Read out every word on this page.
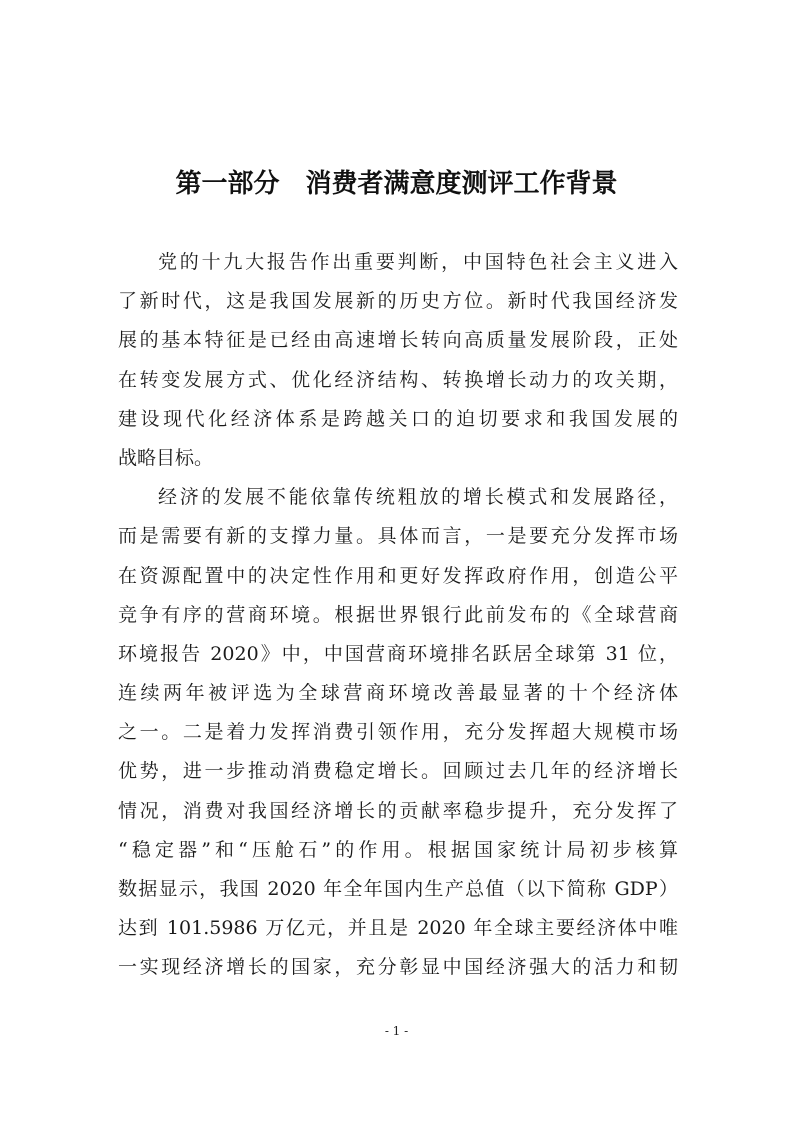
第一部分　消费者满意度测评工作背景
党的十九大报告作出重要判断，中国特色社会主义进入
了新时代，这是我国发展新的历史方位。新时代我国经济发
展的基本特征是已经由高速增长转向高质量发展阶段，正处
在转变发展方式、优化经济结构、转换增长动力的攻关期，
建设现代化经济体系是跨越关口的迫切要求和我国发展的
战略目标。
经济的发展不能依靠传统粗放的增长模式和发展路径，
而是需要有新的支撑力量。具体而言，一是要充分发挥市场
在资源配置中的决定性作用和更好发挥政府作用，创造公平
竞争有序的营商环境。根据世界银行此前发布的《全球营商
环境报告 2020》中，中国营商环境排名跃居全球第 31 位，
连续两年被评选为全球营商环境改善最显著的十个经济体
之一。二是着力发挥消费引领作用，充分发挥超大规模市场
优势，进一步推动消费稳定增长。回顾过去几年的经济增长
情况，消费对我国经济增长的贡献率稳步提升，充分发挥了
“稳定器”和“压舱石”的作用。根据国家统计局初步核算
数据显示，我国 2020 年全年国内生产总值（以下简称 GDP）
达到 101.5986 万亿元，并且是 2020 年全球主要经济体中唯
一实现经济增长的国家，充分彰显中国经济强大的活力和韧
- 1 -
